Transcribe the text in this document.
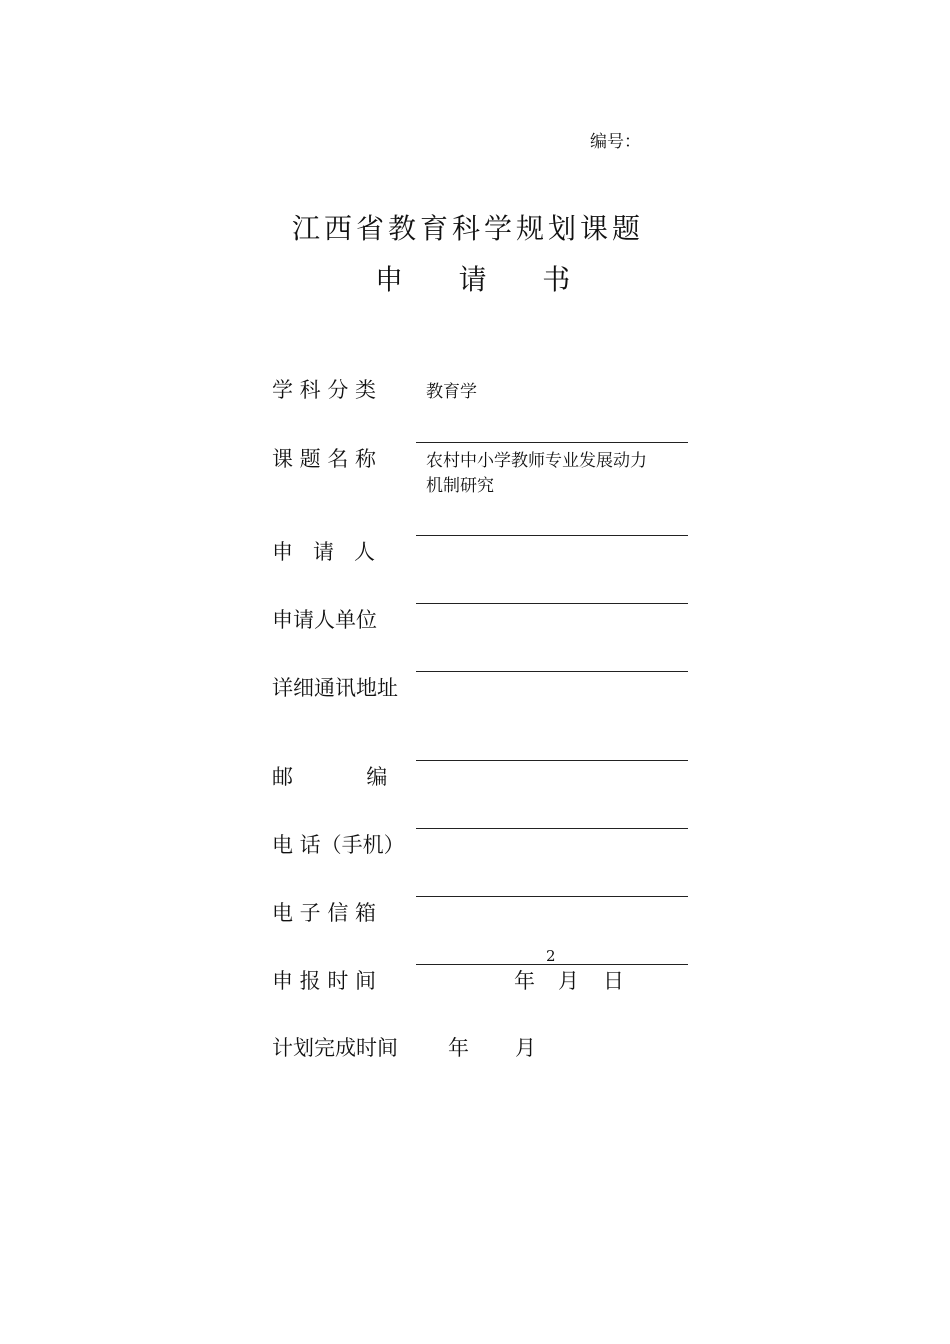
编号：
江西省教育科学规划课题
申    请    书
学 科 分 类	教育学
课 题 名 称	农村中小学教师专业发展动力
机制研究
申   请   人
申请人单位
详细通讯地址
邮           编
电 话（手机）
电 子 信 箱
2
申 报 时 间	年 月 日
计划完成时间 年 月
